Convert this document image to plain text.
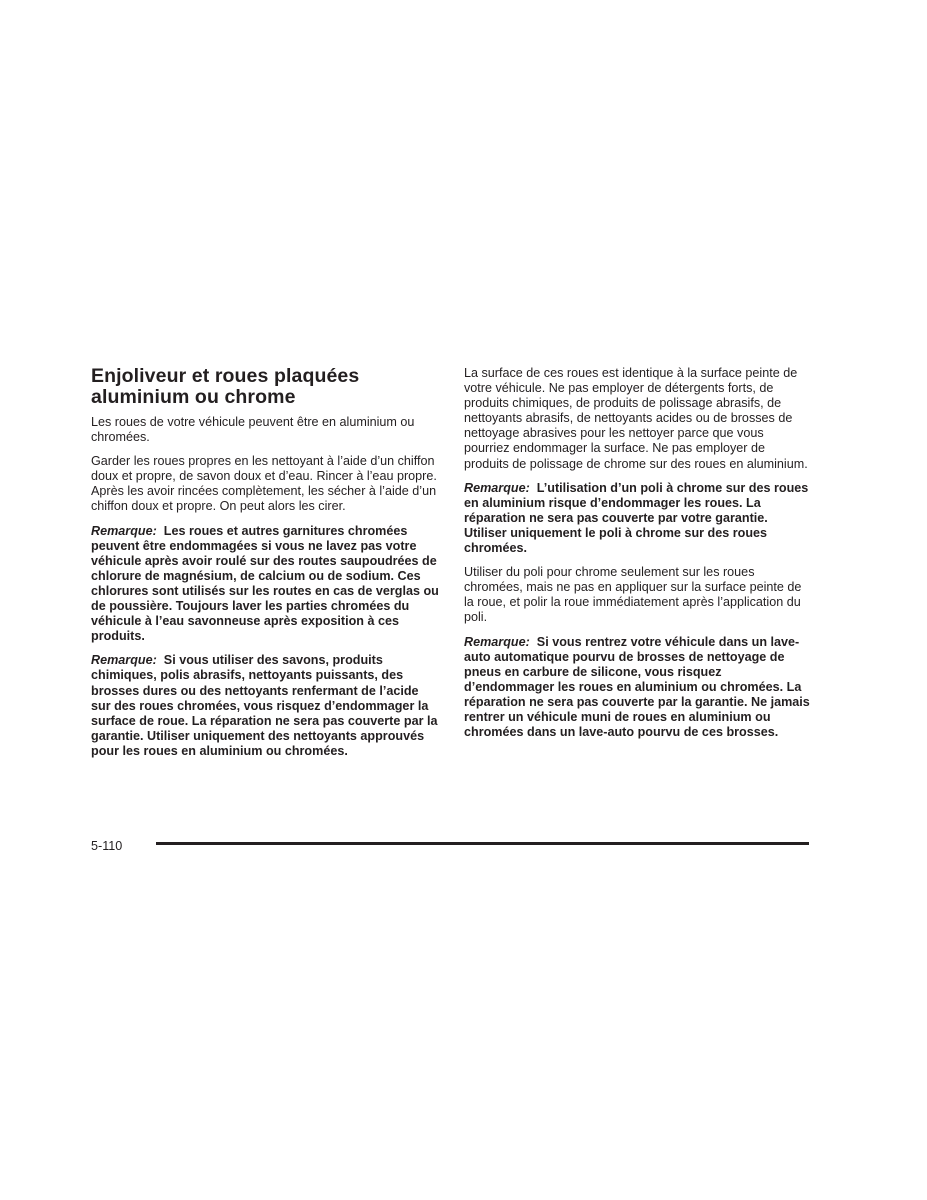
Enjoliveur et roues plaquées
aluminium ou chrome

Les roues de votre véhicule peuvent être en aluminium ou chromées.

Garder les roues propres en les nettoyant à l’aide d’un chiffon doux et propre, de savon doux et d’eau. Rincer à l’eau propre. Après les avoir rincées complètement, les sécher à l’aide d’un chiffon doux et propre. On peut alors les cirer.

Remarque: Les roues et autres garnitures chromées peuvent être endommagées si vous ne lavez pas votre véhicule après avoir roulé sur des routes saupoudrées de chlorure de magnésium, de calcium ou de sodium. Ces chlorures sont utilisés sur les routes en cas de verglas ou de poussière. Toujours laver les parties chromées du véhicule à l’eau savonneuse après exposition à ces produits.

Remarque: Si vous utiliser des savons, produits chimiques, polis abrasifs, nettoyants puissants, des brosses dures ou des nettoyants renfermant de l’acide sur des roues chromées, vous risquez d’endommager la surface de roue. La réparation ne sera pas couverte par la garantie. Utiliser uniquement des nettoyants approuvés pour les roues en aluminium ou chromées.

La surface de ces roues est identique à la surface peinte de votre véhicule. Ne pas employer de détergents forts, de produits chimiques, de produits de polissage abrasifs, de nettoyants abrasifs, de nettoyants acides ou de brosses de nettoyage abrasives pour les nettoyer parce que vous pourriez endommager la surface. Ne pas employer de produits de polissage de chrome sur des roues en aluminium.

Remarque: L’utilisation d’un poli à chrome sur des roues en aluminium risque d’endommager les roues. La réparation ne sera pas couverte par votre garantie. Utiliser uniquement le poli à chrome sur des roues chromées.

Utiliser du poli pour chrome seulement sur les roues chromées, mais ne pas en appliquer sur la surface peinte de la roue, et polir la roue immédiatement après l’application du poli.

Remarque: Si vous rentrez votre véhicule dans un lave-auto automatique pourvu de brosses de nettoyage de pneus en carbure de silicone, vous risquez d’endommager les roues en aluminium ou chromées. La réparation ne sera pas couverte par la garantie. Ne jamais rentrer un véhicule muni de roues en aluminium ou chromées dans un lave-auto pourvu de ces brosses.

5-110
